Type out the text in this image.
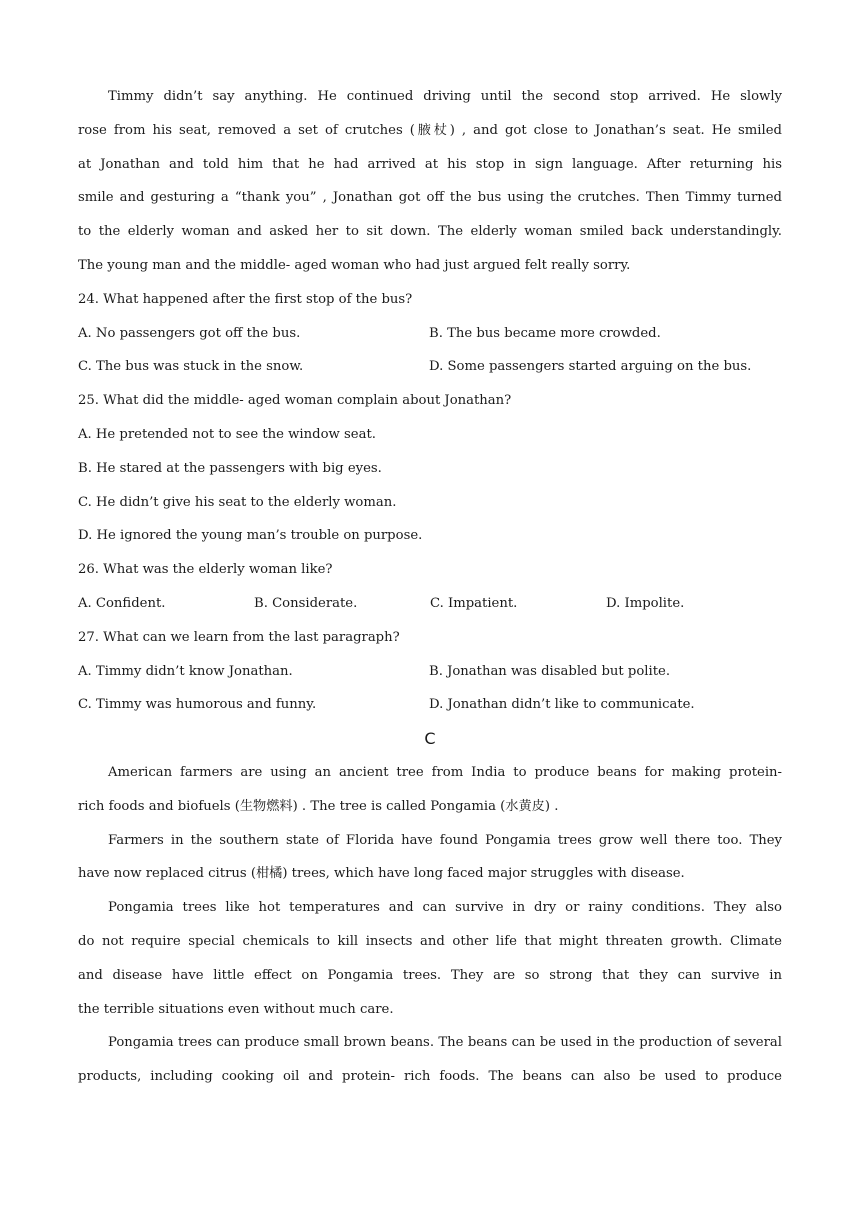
Timmy didn’t say anything. He continued driving until the second stop arrived. He slowly
rose from his seat, removed a set of crutches (腋杖) , and got close to Jonathan’s seat. He smiled
at Jonathan and told him that he had arrived at his stop in sign language. After returning his
smile and gesturing a “thank you” , Jonathan got off the bus using the crutches. Then Timmy turned
to the elderly woman and asked her to sit down. The elderly woman smiled back understandingly.
The young man and the middle- aged woman who had just argued felt really sorry.
24. What happened after the first stop of the bus?
A. No passengers got off the bus.	B. The bus became more crowded.
C. The bus was stuck in the snow.	D. Some passengers started arguing on the bus.
25. What did the middle- aged woman complain about Jonathan?
A. He pretended not to see the window seat.
B. He stared at the passengers with big eyes.
C. He didn’t give his seat to the elderly woman.
D. He ignored the young man’s trouble on purpose.
26. What was the elderly woman like?
A. Confident.	B. Considerate.	C. Impatient.	D. Impolite.
27. What can we learn from the last paragraph?
A. Timmy didn’t know Jonathan.	B. Jonathan was disabled but polite.
C. Timmy was humorous and funny.	D. Jonathan didn’t like to communicate.
C
American farmers are using an ancient tree from India to produce beans for making protein-
rich foods and biofuels (生物燃料) . The tree is called Pongamia (水黄皮) .
Farmers in the southern state of Florida have found Pongamia trees grow well there too. They
have now replaced citrus (柑橘) trees, which have long faced major struggles with disease.
Pongamia trees like hot temperatures and can survive in dry or rainy conditions. They also
do not require special chemicals to kill insects and other life that might threaten growth. Climate
and disease have little effect on Pongamia trees. They are so strong that they can survive in
the terrible situations even without much care.
Pongamia trees can produce small brown beans. The beans can be used in the production of several
products, including cooking oil and protein- rich foods. The beans can also be used to produce
